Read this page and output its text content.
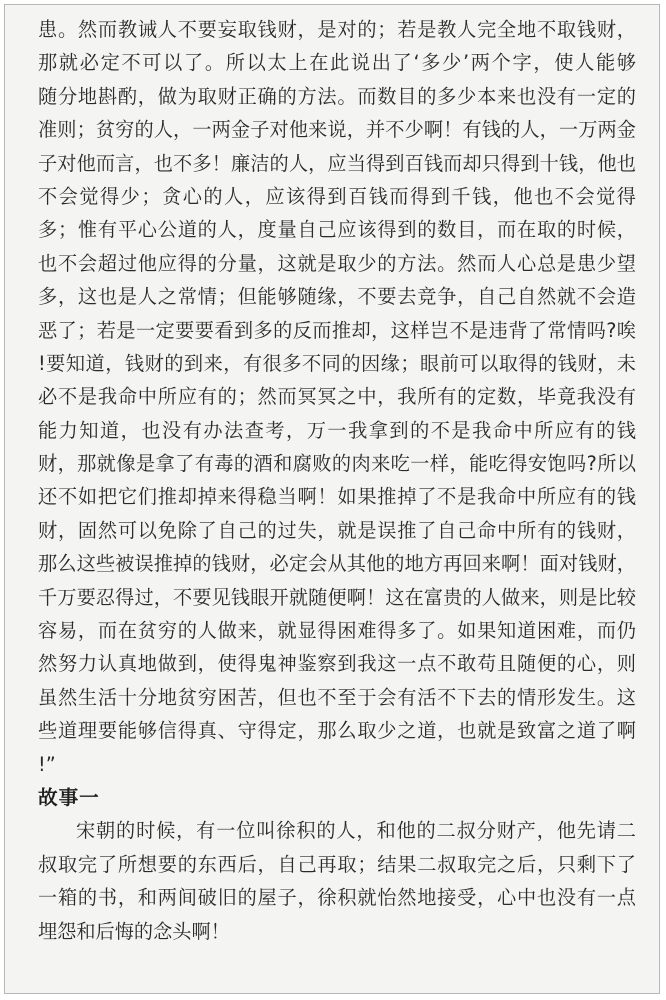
患。然而教诫人不要妄取钱财，是对的；若是教人完全地不取钱财，
那就必定不可以了。所以太上在此说出了‘多少’两个字，使人能够
随分地斟酌，做为取财正确的方法。而数目的多少本来也没有一定的
准则；贫穷的人，一两金子对他来说，并不少啊！有钱的人，一万两金
子对他而言，也不多！廉洁的人，应当得到百钱而却只得到十钱，他也
不会觉得少；贪心的人，应该得到百钱而得到千钱，他也不会觉得
多；惟有平心公道的人，度量自己应该得到的数目，而在取的时候，
也不会超过他应得的分量，这就是取少的方法。然而人心总是患少望
多，这也是人之常情；但能够随缘，不要去竞争，自己自然就不会造
恶了；若是一定要要看到多的反而推却，这样岂不是违背了常情吗?唉
!要知道，钱财的到来，有很多不同的因缘；眼前可以取得的钱财，未
必不是我命中所应有的；然而冥冥之中，我所有的定数，毕竟我没有
能力知道，也没有办法查考，万一我拿到的不是我命中所应有的钱
财，那就像是拿了有毒的酒和腐败的肉来吃一样，能吃得安饱吗?所以
还不如把它们推却掉来得稳当啊！如果推掉了不是我命中所应有的钱
财，固然可以免除了自己的过失，就是误推了自己命中所有的钱财，
那么这些被误推掉的钱财，必定会从其他的地方再回来啊！面对钱财，
千万要忍得过，不要见钱眼开就随便啊！这在富贵的人做来，则是比较
容易，而在贫穷的人做来，就显得困难得多了。如果知道困难，而仍
然努力认真地做到，使得鬼神鉴察到我这一点不敢苟且随便的心，则
虽然生活十分地贫穷困苦，但也不至于会有活不下去的情形发生。这
些道理要能够信得真、守得定，那么取少之道，也就是致富之道了啊
!”
故事一
宋朝的时候，有一位叫徐积的人，和他的二叔分财产，他先请二
叔取完了所想要的东西后，自己再取；结果二叔取完之后，只剩下了
一箱的书，和两间破旧的屋子，徐积就怡然地接受，心中也没有一点
埋怨和后悔的念头啊！
